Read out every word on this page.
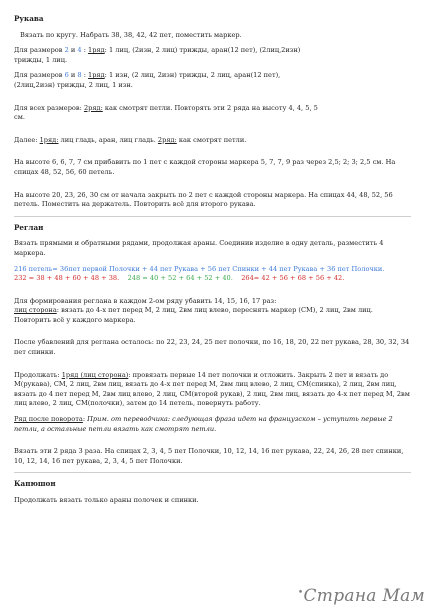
Рукава
Вязать по кругу. Набрать 38, 38, 42, 42 пет, поместить маркер.
Для размеров 2 и 4 : 1ряд: 1 лиц, (2изн, 2 лиц) трижды, аран(12 пет), (2лиц,2изн)
трижды, 1 лиц.
Для размеров 6 и 8 : 1ряд: 1 изн, (2 лиц, 2изн) трижды, 2 лиц, аран(12 пет),
(2лиц,2изн) трижды, 2 лиц, 1 изн.
Для всех размеров: 2ряд: как смотрят петли. Повторять эти 2 ряда на высоту 4, 4, 5, 5
см.
Далее: 1ряд: лиц гладь, аран, лиц гладь. 2ряд: как смотрят петли.
На высоте 6, 6, 7, 7 см прибавить по 1 пет с каждой стороны маркера 5, 7, 7, 9 раз через 2,5; 2; 3; 2,5 см. На спицах 48, 52, 56, 60 петель.
На высоте 20, 23, 26, 30 см от начала закрыть по 2 пет с каждой стороны маркера. На спицах 44, 48, 52, 56 петель. Поместить на держатель. Повторить всё для второго рукава.
Реглан
Вязать прямыми и обратными рядами, продолжая араны. Соединив изделие в одну деталь, разместить 4 маркера.
216 петель= 36пет первой Полочки + 44 пет Рукава + 56 пет Спинки + 44 пет Рукава + 36 пет Полочки.
232 = 38 + 48 + 60 + 48 + 38. 248 = 40 + 52 + 64 + 52 + 40. 264= 42 + 56 + 68 + 56 + 42.
Для формирования реглана в каждом 2-ом ряду убавить 14, 15, 16, 17 раз:
лиц сторона: вязать до 4-х пет перед М, 2 лиц, 2вм лиц влево, переснять маркер (СМ), 2 лиц, 2вм лиц. Повторить всё у каждого маркера.
После убавлений для реглана осталось: по 22, 23, 24, 25 пет полочки, по 16, 18, 20, 22 пет рукава, 28, 30, 32, 34 пет спинки.
Продолжать: 1ряд (лиц сторона): провязать первые 14 пет полочки и отложить. Закрыть 2 пет и вязать до М(рукава), СМ, 2 лиц, 2вм лиц, вязать до 4-х пет перед М, 2вм лиц влево, 2 лиц, СМ(спинка), 2 лиц, 2вм лиц, вязать до 4 пет перед М, 2вм лиц влево, 2 лиц, СМ(второй рукав), 2 лиц, 2вм лиц, вязать до 4-х пет перед М, 2вм лиц влево, 2 лиц, СМ(полочки), затем до 14 петель, повернуть работу.
Ряд после поворота: Прим. от переводчика: следующая фраза идет на французском – уступить первые 2 петли, а остальные петли вязать как смотрят петли.
Вязать эти 2 ряда 3 раза. На спицах 2, 3, 4, 5 пет Полочки, 10, 12, 14, 16 пет рукава, 22, 24, 26, 28 пет спинки, 10, 12, 14, 16 пет рукава, 2, 3, 4, 5 пет Полочки.
Капюшон
Продолжать вязать только араны полочек и спинки.
•Страна Мам
